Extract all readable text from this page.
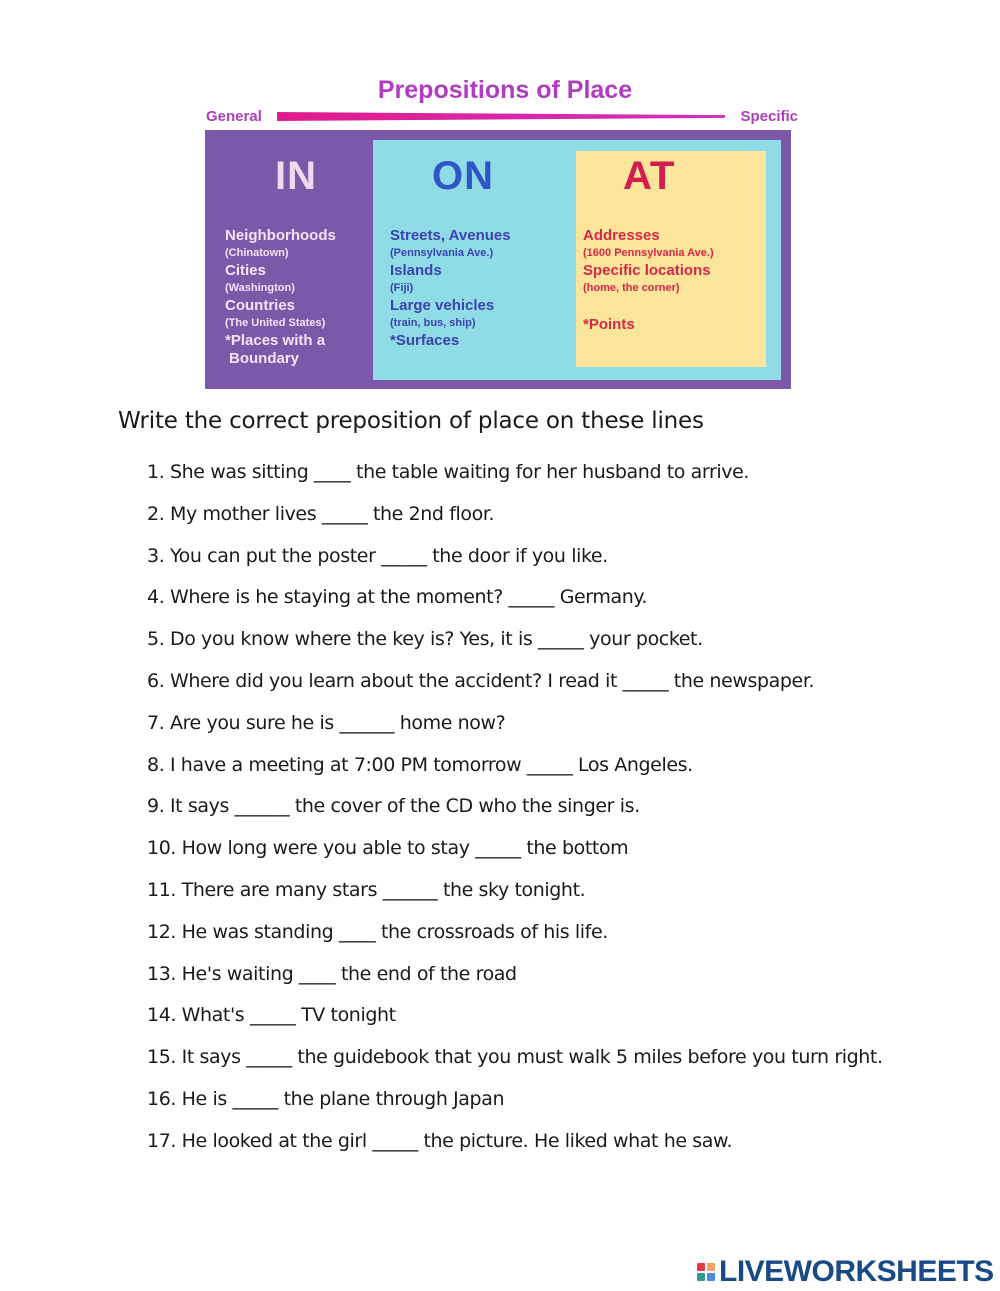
Prepositions of Place
General	Specific
IN
Neighborhoods
(Chinatown)
Cities
(Washington)
Countries
(The United States)
*Places with a
Boundary
ON
Streets, Avenues
(Pennsylvania Ave.)
Islands
(Fiji)
Large vehicles
(train, bus, ship)
*Surfaces
AT
Addresses
(1600 Pennsylvania Ave.)
Specific locations
(home, the corner)
*Points
Write the correct preposition of place on these lines
1. She was sitting ____ the table waiting for her husband to arrive.
2. My mother lives _____ the 2nd floor.
3. You can put the poster _____ the door if you like.
4. Where is he staying at the moment? _____ Germany.
5. Do you know where the key is? Yes, it is _____ your pocket.
6. Where did you learn about the accident? I read it _____ the newspaper.
7. Are you sure he is ______ home now?
8. I have a meeting at 7:00 PM tomorrow _____ Los Angeles.
9. It says ______ the cover of the CD who the singer is.
10. How long were you able to stay _____ the bottom
11. There are many stars ______ the sky tonight.
12. He was standing ____ the crossroads of his life.
13. He's waiting ____ the end of the road
14. What's _____ TV tonight
15. It says _____ the guidebook that you must walk 5 miles before you turn right.
16. He is _____ the plane through Japan
17. He looked at the girl _____ the picture. He liked what he saw.
LIVEWORKSHEETS
